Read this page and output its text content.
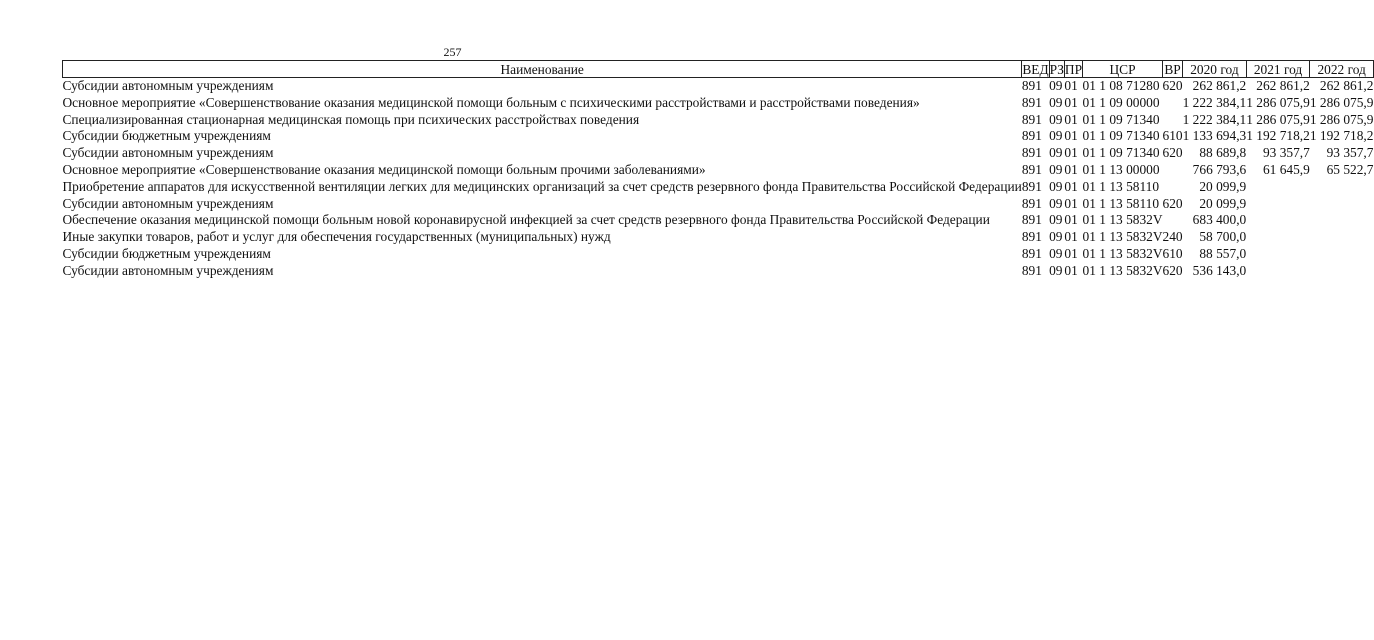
257
Наименование	ВЕД	РЗ	ПР	ЦСР	ВР	2020 год	2021 год	2022 год
Субсидии автономным учреждениям	891	09	01	01 1 08 71280	620	262 861,2	262 861,2	262 861,2
Основное мероприятие «Совершенствование оказания медицинской помощи больным с психическими расстройствами и расстройствами поведения»	891	09	01	01 1 09 00000		1 222 384,1	1 286 075,9	1 286 075,9
Специализированная стационарная медицинская помощь при психических расстройствах поведения	891	09	01	01 1 09 71340		1 222 384,1	1 286 075,9	1 286 075,9
Субсидии бюджетным учреждениям	891	09	01	01 1 09 71340	610	1 133 694,3	1 192 718,2	1 192 718,2
Субсидии автономным учреждениям	891	09	01	01 1 09 71340	620	88 689,8	93 357,7	93 357,7
Основное мероприятие «Совершенствование оказания медицинской помощи больным прочими заболеваниями»	891	09	01	01 1 13 00000		766 793,6	61 645,9	65 522,7
Приобретение аппаратов для искусственной вентиляции легких для медицинских организаций за счет средств резервного фонда Правительства Российской Федерации	891	09	01	01 1 13 58110		20 099,9		
Субсидии автономным учреждениям	891	09	01	01 1 13 58110	620	20 099,9		
Обеспечение оказания медицинской помощи больным новой коронавирусной инфекцией за счет средств резервного фонда Правительства Российской Федерации	891	09	01	01 1 13 5832V		683 400,0		
Иные закупки товаров, работ и услуг для обеспечения государственных (муниципальных) нужд	891	09	01	01 1 13 5832V	240	58 700,0		
Субсидии бюджетным учреждениям	891	09	01	01 1 13 5832V	610	88 557,0		
Субсидии автономным учреждениям	891	09	01	01 1 13 5832V	620	536 143,0		
